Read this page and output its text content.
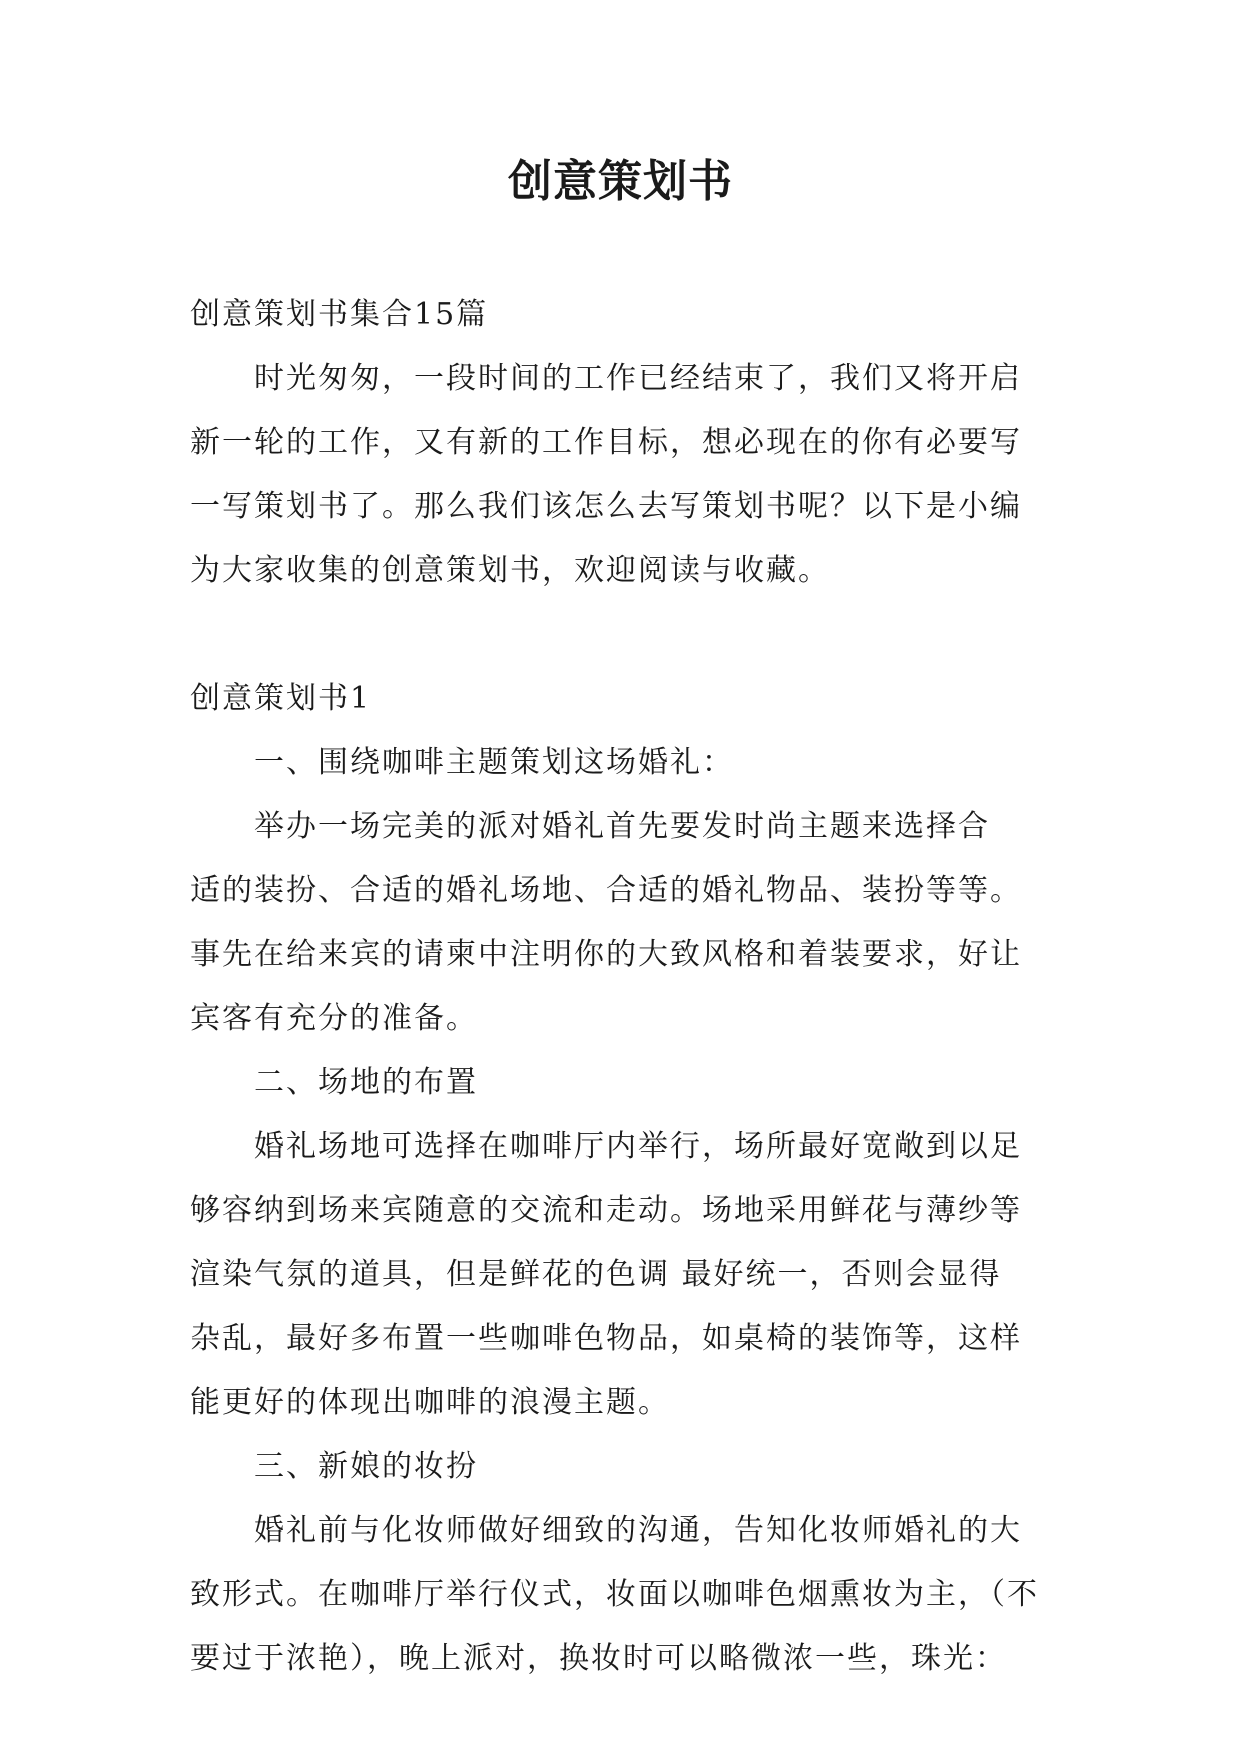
创意策划书
创意策划书集合15篇
时光匆匆，一段时间的工作已经结束了，我们又将开启
新一轮的工作，又有新的工作目标，想必现在的你有必要写
一写策划书了。那么我们该怎么去写策划书呢？以下是小编
为大家收集的创意策划书，欢迎阅读与收藏。
创意策划书1
一、围绕咖啡主题策划这场婚礼：
举办一场完美的派对婚礼首先要发时尚主题来选择合
适的装扮、合适的婚礼场地、合适的婚礼物品、装扮等等。
事先在给来宾的请柬中注明你的大致风格和着装要求，好让
宾客有充分的准备。
二、场地的布置
婚礼场地可选择在咖啡厅内举行，场所最好宽敞到以足
够容纳到场来宾随意的交流和走动。场地采用鲜花与薄纱等
渲染气氛的道具，但是鲜花的色调 最好统一，否则会显得
杂乱，最好多布置一些咖啡色物品，如桌椅的装饰等，这样
能更好的体现出咖啡的浪漫主题。
三、新娘的妆扮
婚礼前与化妆师做好细致的沟通，告知化妆师婚礼的大
致形式。在咖啡厅举行仪式，妆面以咖啡色烟熏妆为主，（不
要过于浓艳），晚上派对，换妆时可以略微浓一些，珠光：
